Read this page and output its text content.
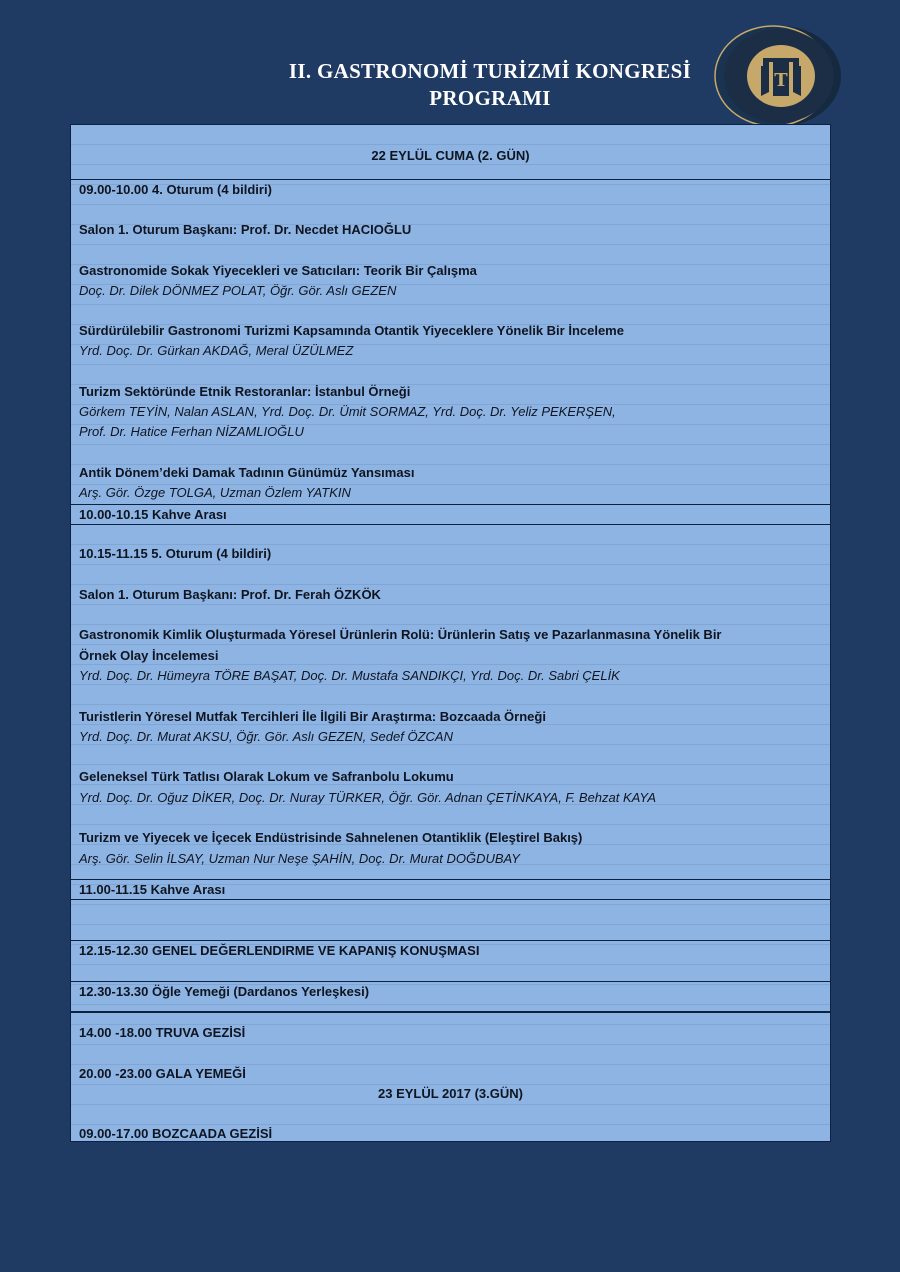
II. GASTRONOMİ TURİZMİ KONGRESİ
PROGRAMI
T
22 EYLÜL CUMA (2. GÜN)
09.00-10.00 4. Oturum (4 bildiri)
Salon 1. Oturum Başkanı: Prof. Dr. Necdet HACIOĞLU
Gastronomide Sokak Yiyecekleri ve Satıcıları: Teorik Bir Çalışma
Doç. Dr. Dilek DÖNMEZ POLAT, Öğr. Gör. Aslı GEZEN
Sürdürülebilir Gastronomi Turizmi Kapsamında Otantik Yiyeceklere Yönelik Bir İnceleme
Yrd. Doç. Dr. Gürkan AKDAĞ, Meral ÜZÜLMEZ
Turizm Sektöründe Etnik Restoranlar: İstanbul Örneği
Görkem TEYİN, Nalan ASLAN, Yrd. Doç. Dr. Ümit SORMAZ, Yrd. Doç. Dr. Yeliz PEKERŞEN,
Prof. Dr. Hatice Ferhan NİZAMLIOĞLU
Antik Dönem’deki Damak Tadının Günümüz Yansıması
Arş. Gör. Özge TOLGA, Uzman Özlem YATKIN
10.00-10.15 Kahve Arası
10.15-11.15 5. Oturum (4 bildiri)
Salon 1. Oturum Başkanı: Prof. Dr. Ferah ÖZKÖK
Gastronomik Kimlik Oluşturmada Yöresel Ürünlerin Rolü: Ürünlerin Satış ve Pazarlanmasına Yönelik Bir
Örnek Olay İncelemesi
Yrd. Doç. Dr. Hümeyra TÖRE BAŞAT, Doç. Dr. Mustafa SANDIKÇI, Yrd. Doç. Dr. Sabri ÇELİK
Turistlerin Yöresel Mutfak Tercihleri İle İlgili Bir Araştırma: Bozcaada Örneği
Yrd. Doç. Dr. Murat AKSU, Öğr. Gör. Aslı GEZEN, Sedef ÖZCAN
Geleneksel Türk Tatlısı Olarak Lokum ve Safranbolu Lokumu
Yrd. Doç. Dr. Oğuz DİKER, Doç. Dr. Nuray TÜRKER, Öğr. Gör. Adnan ÇETİNKAYA, F. Behzat KAYA
Turizm ve Yiyecek ve İçecek Endüstrisinde Sahnelenen Otantiklik (Eleştirel Bakış)
Arş. Gör. Selin İLSAY, Uzman Nur Neşe ŞAHİN, Doç. Dr. Murat DOĞDUBAY
11.00-11.15 Kahve Arası
12.15-12.30 GENEL DEĞERLENDIRME VE KAPANIŞ KONUŞMASI
12.30-13.30 Öğle Yemeği (Dardanos Yerleşkesi)
14.00 -18.00 TRUVA GEZİSİ
20.00 -23.00 GALA YEMEĞİ
23 EYLÜL 2017 (3.GÜN)
09.00-17.00 BOZCAADA GEZİSİ
